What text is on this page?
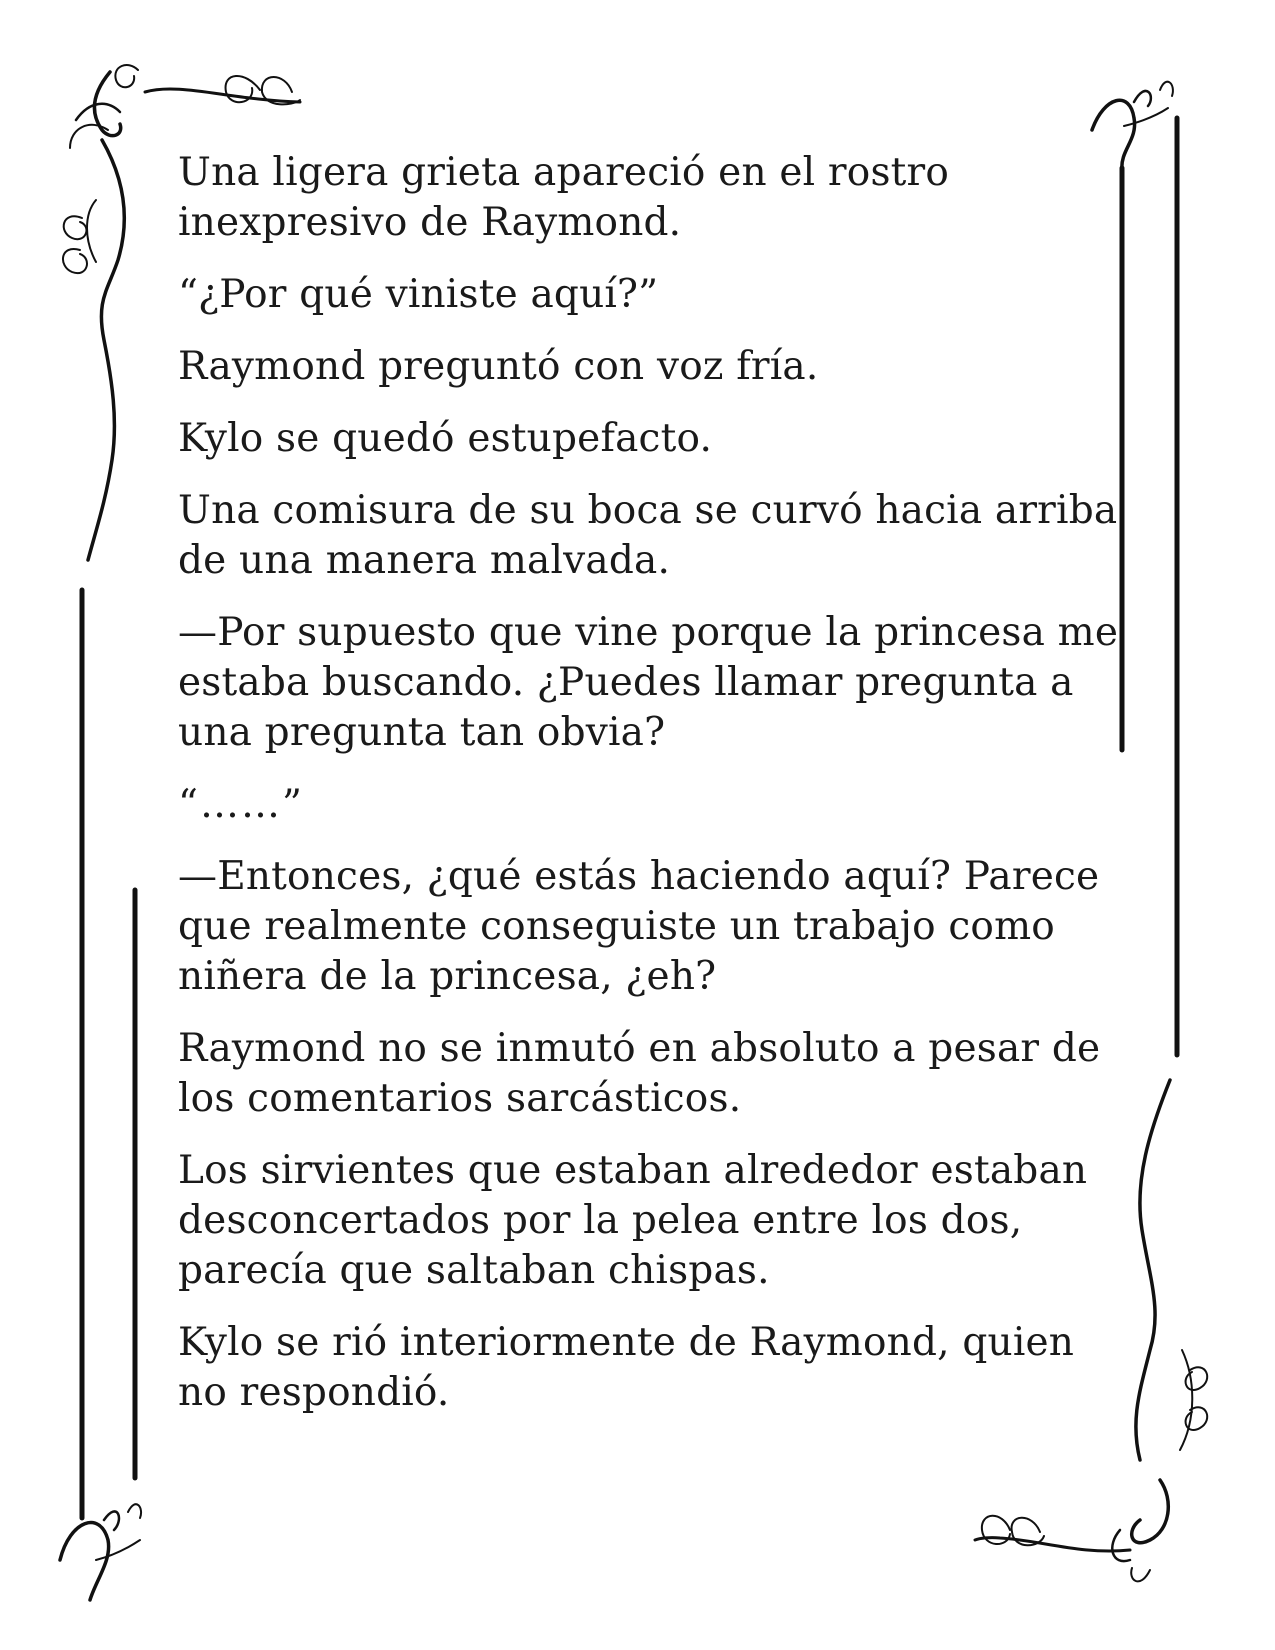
Una ligera grieta apareció en el rostro
inexpresivo de Raymond.

“¿Por qué viniste aquí?”

Raymond preguntó con voz fría.

Kylo se quedó estupefacto.

Una comisura de su boca se curvó hacia arriba
de una manera malvada.

—Por supuesto que vine porque la princesa me
estaba buscando. ¿Puedes llamar pregunta a
una pregunta tan obvia?

“……”

—Entonces, ¿qué estás haciendo aquí? Parece
que realmente conseguiste un trabajo como
niñera de la princesa, ¿eh?

Raymond no se inmutó en absoluto a pesar de
los comentarios sarcásticos.

Los sirvientes que estaban alrededor estaban
desconcertados por la pelea entre los dos,
parecía que saltaban chispas.

Kylo se rió interiormente de Raymond, quien
no respondió.
